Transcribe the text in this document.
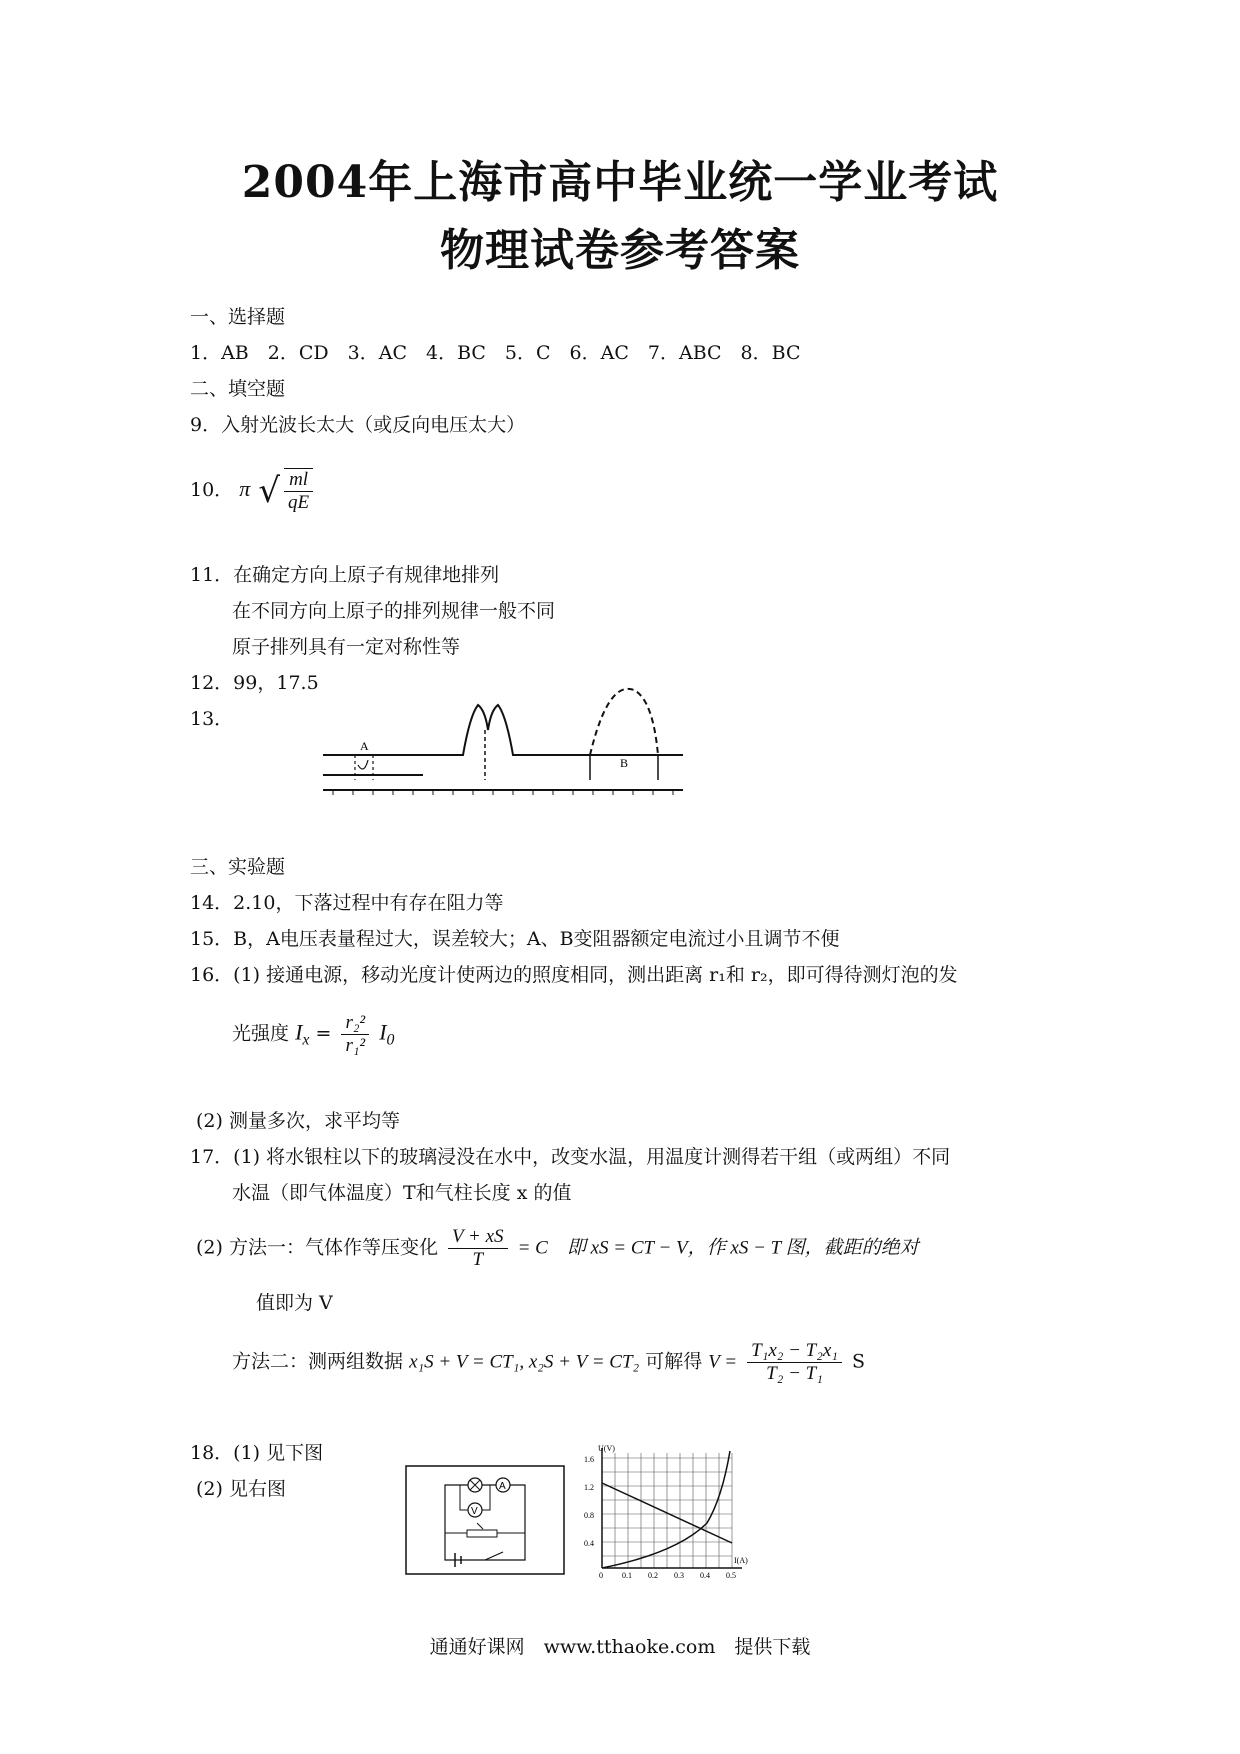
2004年上海市高中毕业统一学业考试
物理试卷参考答案
一、选择题
1．AB　2．CD　3．AC　4．BC　5．C　6．AC　7．ABC　8．BC
二、填空题
9．入射光波长太大（或反向电压太大）
10． π √ $\frac{ml}{qE}$
11．在确定方向上原子有规律地排列
在不同方向上原子的排列规律一般不同
原子排列具有一定对称性等
12．99，17.5
13．
A
B
三、实验题
14．2.10，下落过程中有存在阻力等
15．B，A电压表量程过大，误差较大；A、B变阻器额定电流过小且调节不便
16．(1) 接通电源，移动光度计使两边的照度相同，测出距离 r₁和 r₂，即可得待测灯泡的发
光强度 $I_x = \frac{\text{r₂²}}{\text{r₁²}} I_0$
(2) 测量多次，求平均等
17．(1) 将水银柱以下的玻璃浸没在水中，改变水温，用温度计测得若干组（或两组）不同
水温（即气体温度）T和气柱长度 x 的值
(2) 方法一：气体作等压变化 $\frac{V + xS}{T} = C$　即 xS = CT − V，作 xS − T 图，截距的绝对
值即为 V
方法二：测两组数据 x₁S + V = CT₁, x₂S + V = CT₂ 可解得 $V = \frac{\text{T₁x₂ − T₂x₁}}{\text{T₂ − T₁}}$ S
18．(1) 见下图
(2) 见右图	A
V
U(V)
I(A)
1.6
1.2
0.8
0.4
0 0.1 0.2 0.3 0.4 0.5
通通好课网　www.tthaoke.com　提供下载
